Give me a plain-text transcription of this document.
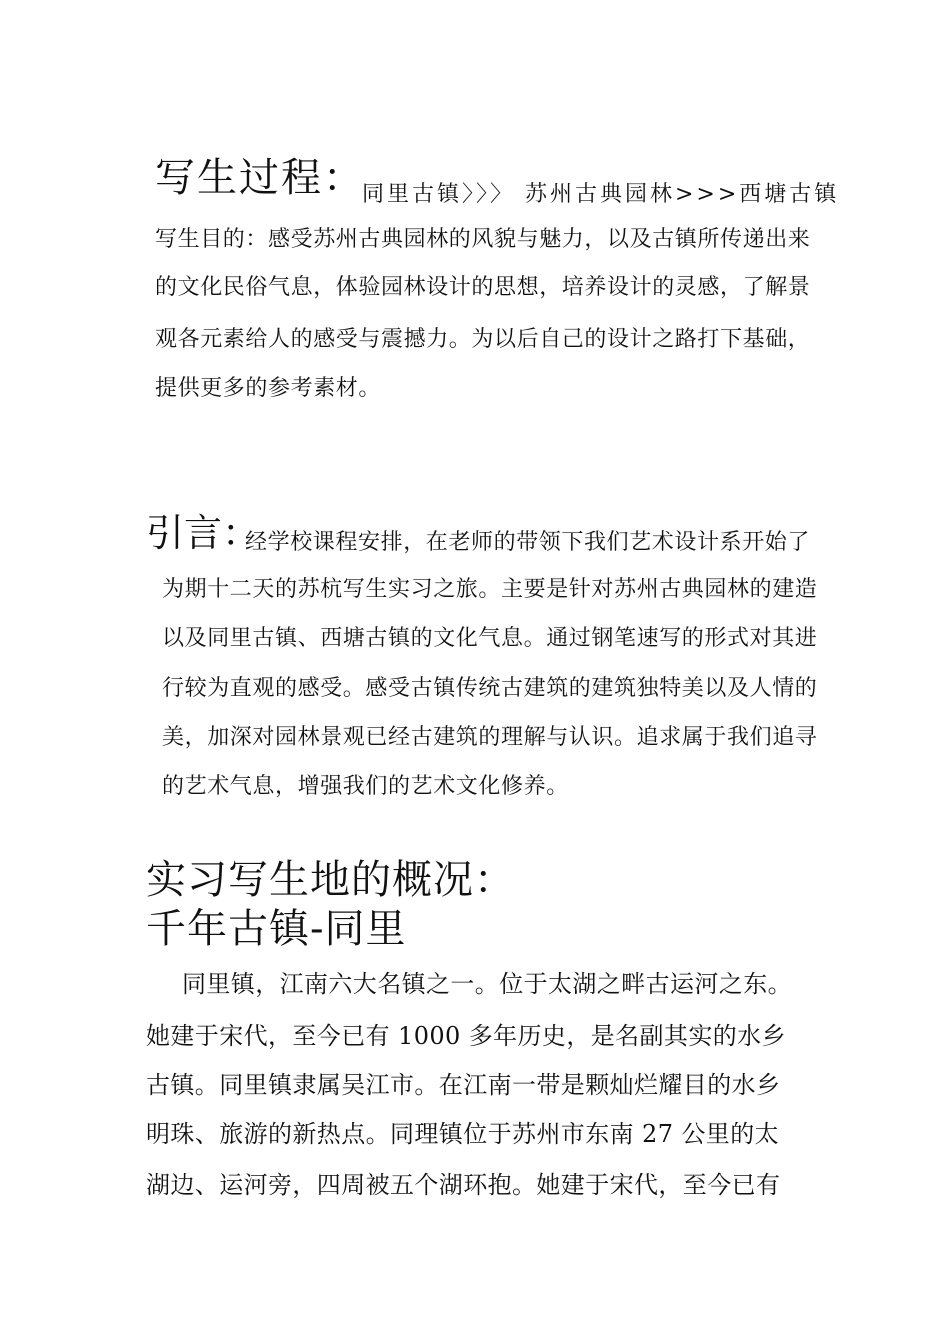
写生过程：
同里古镇〉〉〉 苏州古典园林>>>西塘古镇
写生目的：感受苏州古典园林的风貌与魅力，以及古镇所传递出来
的文化民俗气息，体验园林设计的思想，培养设计的灵感，了解景
观各元素给人的感受与震撼力。为以后自己的设计之路打下基础，
提供更多的参考素材。
引言：
经学校课程安排，在老师的带领下我们艺术设计系开始了
为期十二天的苏杭写生实习之旅。主要是针对苏州古典园林的建造
以及同里古镇、西塘古镇的文化气息。通过钢笔速写的形式对其进
行较为直观的感受。感受古镇传统古建筑的建筑独特美以及人情的
美，加深对园林景观已经古建筑的理解与认识。追求属于我们追寻
的艺术气息，增强我们的艺术文化修养。
实习写生地的概况：
千年古镇-同里
同里镇，江南六大名镇之一。位于太湖之畔古运河之东。
她建于宋代，至今已有 1000 多年历史，是名副其实的水乡
古镇。同里镇隶属吴江市。在江南一带是颗灿烂耀目的水乡
明珠、旅游的新热点。同理镇位于苏州市东南 27 公里的太
湖边、运河旁，四周被五个湖环抱。她建于宋代，至今已有
